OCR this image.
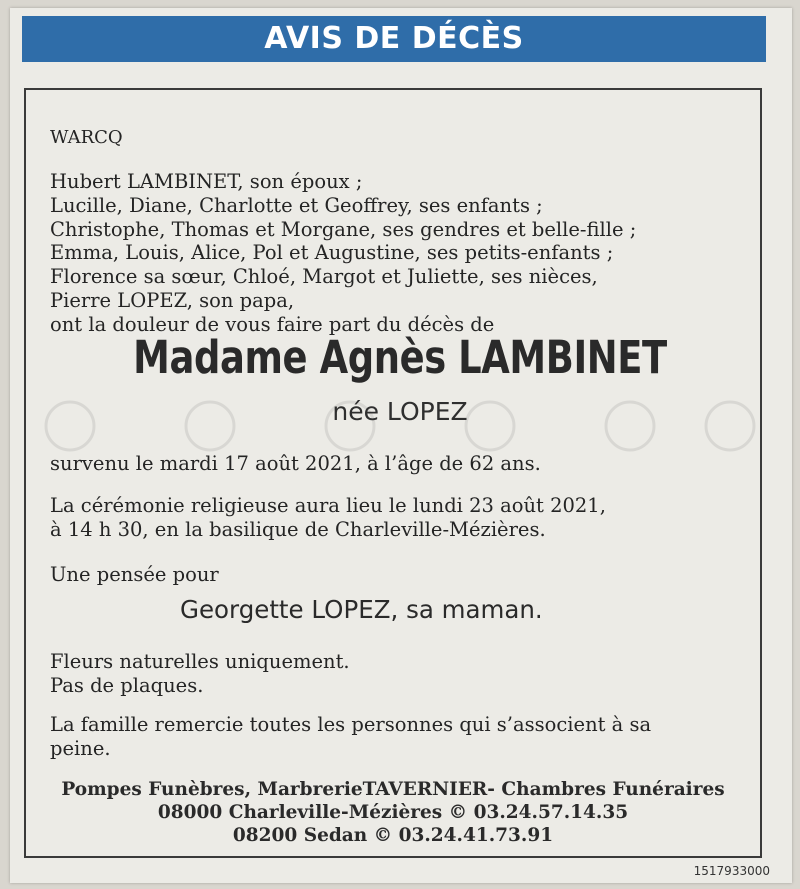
AVIS DE DÉCÈS
WARCQ
Hubert LAMBINET, son époux ;
Lucille, Diane, Charlotte et Geoffrey, ses enfants ;
Christophe, Thomas et Morgane, ses gendres et belle-fille ;
Emma, Louis, Alice, Pol et Augustine, ses petits-enfants ;
Florence sa sœur, Chloé, Margot et Juliette, ses nièces,
Pierre LOPEZ, son papa,
ont la douleur de vous faire part du décès de
Madame Agnès LAMBINET
née LOPEZ
survenu le mardi 17 août 2021, à l’âge de 62 ans.
La cérémonie religieuse aura lieu le lundi 23 août 2021,
à 14 h 30, en la basilique de Charleville-Mézières.
Une pensée pour
Georgette LOPEZ, sa maman.
Fleurs naturelles uniquement.
Pas de plaques.
La famille remercie toutes les personnes qui s’associent à sa
peine.
Pompes Funèbres, MarbrerieTAVERNIER- Chambres Funéraires
08000 Charleville-Mézières © 03.24.57.14.35
08200 Sedan © 03.24.41.73.91
1517933000
